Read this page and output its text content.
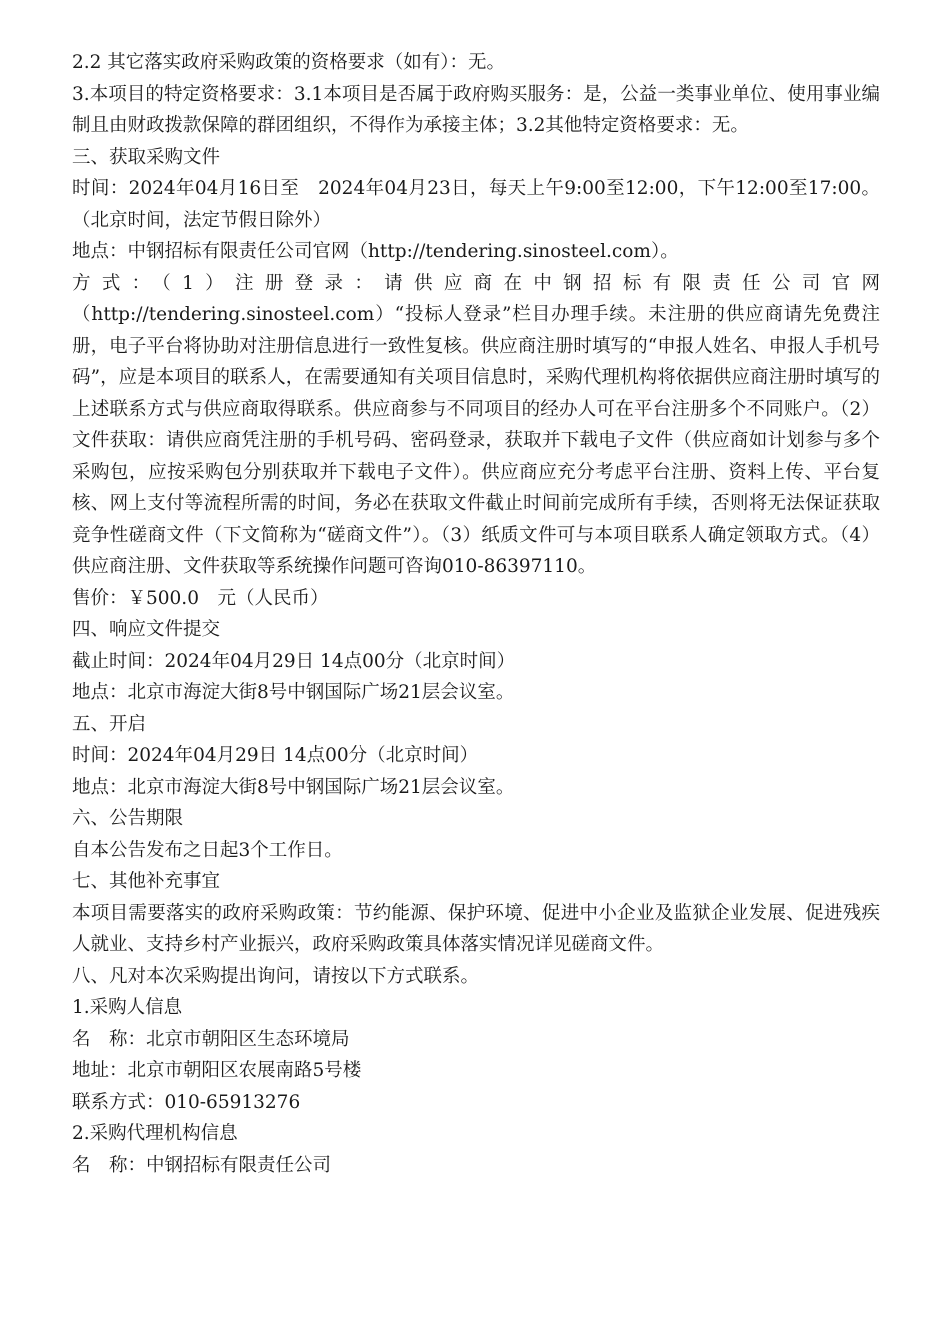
2.2 其它落实政府采购政策的资格要求（如有）：无。
3.本项目的特定资格要求：3.1本项目是否属于政府购买服务：是，公益一类事业单位、使用事业编制且由财政拨款保障的群团组织，不得作为承接主体；3.2其他特定资格要求：无。
三、获取采购文件
时间：2024年04月16日至　2024年04月23日，每天上午9:00至12:00，下午12:00至17:00。（北京时间，法定节假日除外）
地点：中钢招标有限责任公司官网（http://tendering.sinosteel.com）。
方式：（1）注册登录：请供应商在中钢招标有限责任公司官网（http://tendering.sinosteel.com）“投标人登录”栏目办理手续。未注册的供应商请先免费注册，电子平台将协助对注册信息进行一致性复核。供应商注册时填写的“申报人姓名、申报人手机号码”，应是本项目的联系人，在需要通知有关项目信息时，采购代理机构将依据供应商注册时填写的上述联系方式与供应商取得联系。供应商参与不同项目的经办人可在平台注册多个不同账户。（2）文件获取：请供应商凭注册的手机号码、密码登录，获取并下载电子文件（供应商如计划参与多个采购包，应按采购包分别获取并下载电子文件）。供应商应充分考虑平台注册、资料上传、平台复核、网上支付等流程所需的时间，务必在获取文件截止时间前完成所有手续，否则将无法保证获取竞争性磋商文件（下文简称为“磋商文件”）。（3）纸质文件可与本项目联系人确定领取方式。（4）供应商注册、文件获取等系统操作问题可咨询010-86397110。
售价：￥500.0　元（人民币）
四、响应文件提交
截止时间：2024年04月29日 14点00分（北京时间）
地点：北京市海淀大街8号中钢国际广场21层会议室。
五、开启
时间：2024年04月29日 14点00分（北京时间）
地点：北京市海淀大街8号中钢国际广场21层会议室。
六、公告期限
自本公告发布之日起3个工作日。
七、其他补充事宜
本项目需要落实的政府采购政策：节约能源、保护环境、促进中小企业及监狱企业发展、促进残疾人就业、支持乡村产业振兴，政府采购政策具体落实情况详见磋商文件。
八、凡对本次采购提出询问，请按以下方式联系。
1.采购人信息
名　称：北京市朝阳区生态环境局
地址：北京市朝阳区农展南路5号楼
联系方式：010-65913276
2.采购代理机构信息
名　称：中钢招标有限责任公司
